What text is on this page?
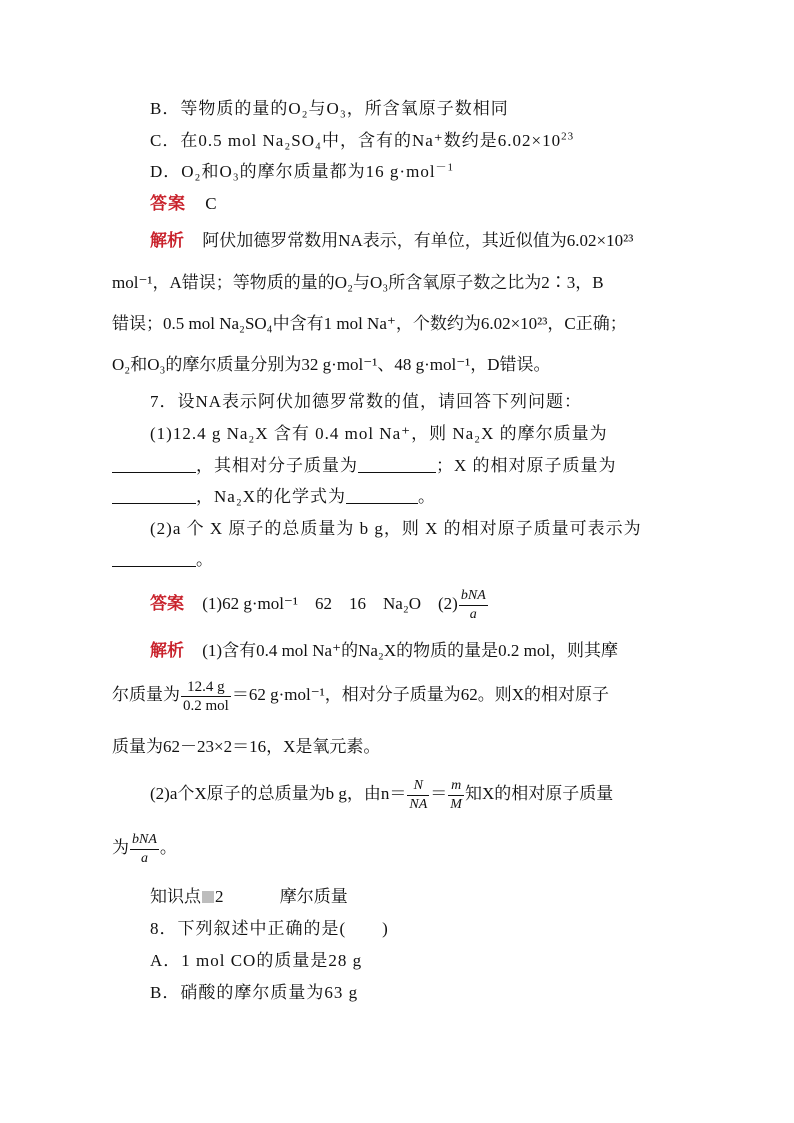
B．等物质的量的O₂与O₃，所含氧原子数相同
C．在0.5 mol Na₂SO₄中，含有的Na⁺数约是$6.02\times 10^{23}$
D．O₂和O₃的摩尔质量都为16 g·mol$^{-1}$
答案 C
解析 阿伏加德罗常数用NA表示，有单位，其近似值为6.02×10²³
mol⁻¹，A错误；等物质的量的O₂与O₃所含氧原子数之比为2∶3，B
错误；0.5 mol Na₂SO₄中含有1 mol Na⁺，个数约为6.02×10²³，C正确；
O₂和O₃的摩尔质量分别为32 g·mol⁻¹、48 g·mol⁻¹，D错误。
7．设NA表示阿伏加德罗常数的值，请回答下列问题：
(1)12.4 g Na₂X 含有 0.4 mol Na⁺，则 Na₂X 的摩尔质量为
，其相对分子质量为	；X 的相对原子质量为
，Na₂X的化学式为	。
(2)a 个 X 原子的总质量为 b g，则 X 的相对原子质量可表示为
。
答案 (1)62 g·mol⁻¹　62　16　Na₂O　$(2) \frac{\text{bNA}}{a}$
解析 (1)含有0.4 mol Na⁺的Na₂X的物质的量是0.2 mol，则其摩
尔质量为 $\frac{12.4 g}{\text{0.2 mol}} =62$ g·mol⁻¹，相对分子质量为62。则X的相对原子
质量为62－23×2＝16，X是氧元素。
(2)a个X原子的总质量为b g，由$n= \frac{N}{NA} = \frac{m}{M}$ 知X的相对原子质量
为 $\frac{\text{bNA}}{a}$ 。
知识点 2	摩尔质量
8．下列叙述中正确的是(　　)
A．1 mol CO的质量是28 g
B．硝酸的摩尔质量为63 g
